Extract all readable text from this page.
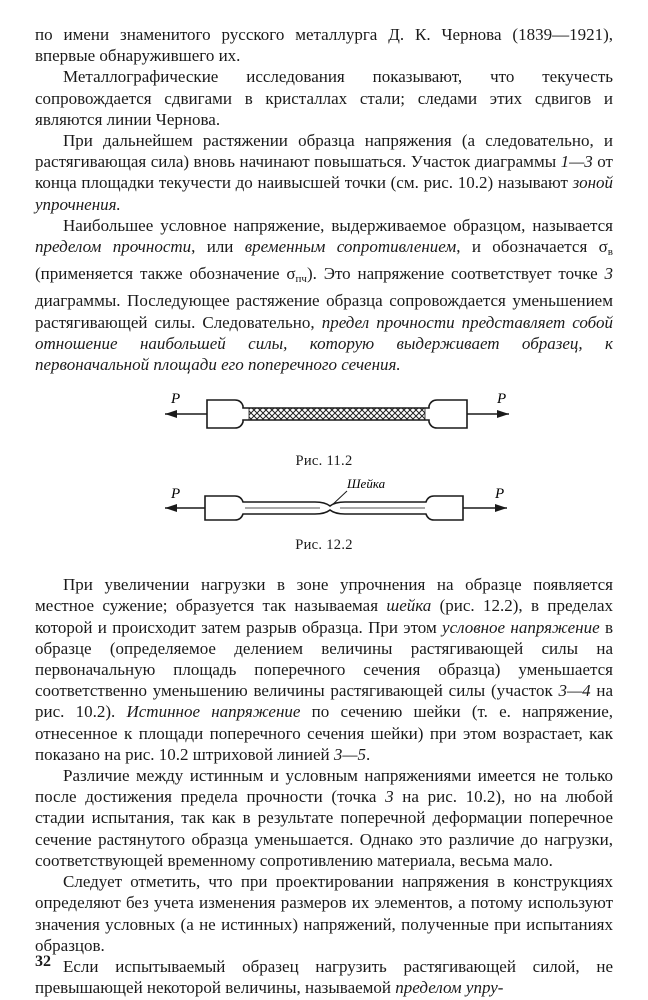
по имени знаменитого русского металлурга Д. К. Чернова (1839—1921), впервые обнаружившего их.

Металлографические исследования показывают, что текучесть сопровождается сдвигами в кристаллах стали; следами этих сдвигов и являются линии Чернова.

При дальнейшем растяжении образца напряжения (а следовательно, и растягивающая сила) вновь начинают повышаться. Участок диаграммы 1—3 от конца площадки текучести до наивысшей точки (см. рис. 10.2) называют зоной упрочнения.

Наибольшее условное напряжение, выдерживаемое образцом, называется пределом прочности, или временным сопротивлением, и обозначается $\sigma_в$ (применяется также обозначение $\sigma_{пч}$). Это напряжение соответствует точке 3 диаграммы. Последующее растяжение образца сопровождается уменьшением растягивающей силы. Следовательно, предел прочности представляет собой отношение наибольшей силы, которую выдерживает образец, к первоначальной площади его поперечного сечения.

P	P

Рис. 11.2

Шейка
P	P

Рис. 12.2

При увеличении нагрузки в зоне упрочнения на образце появляется местное сужение; образуется так называемая шейка (рис. 12.2), в пределах которой и происходит затем разрыв образца. При этом условное напряжение в образце (определяемое делением величины растягивающей силы на первоначальную площадь поперечного сечения образца) уменьшается соответственно уменьшению величины растягивающей силы (участок 3—4 на рис. 10.2). Истинное напряжение по сечению шейки (т. е. напряжение, отнесенное к площади поперечного сечения шейки) при этом возрастает, как показано на рис. 10.2 штриховой линией 3—5.

Различие между истинным и условным напряжениями имеется не только после достижения предела прочности (точка 3 на рис. 10.2), но на любой стадии испытания, так как в результате поперечной деформации поперечное сечение растянутого образца уменьшается. Однако это различие до нагрузки, соответствующей временному сопротивлению материала, весьма мало.

Следует отметить, что при проектировании напряжения в конструкциях определяют без учета изменения размеров их элементов, а потому используют значения условных (а не истинных) напряжений, полученные при испытаниях образцов.

Если испытываемый образец нагрузить растягивающей силой, не превышающей некоторой величины, называемой пределом упру-

32
